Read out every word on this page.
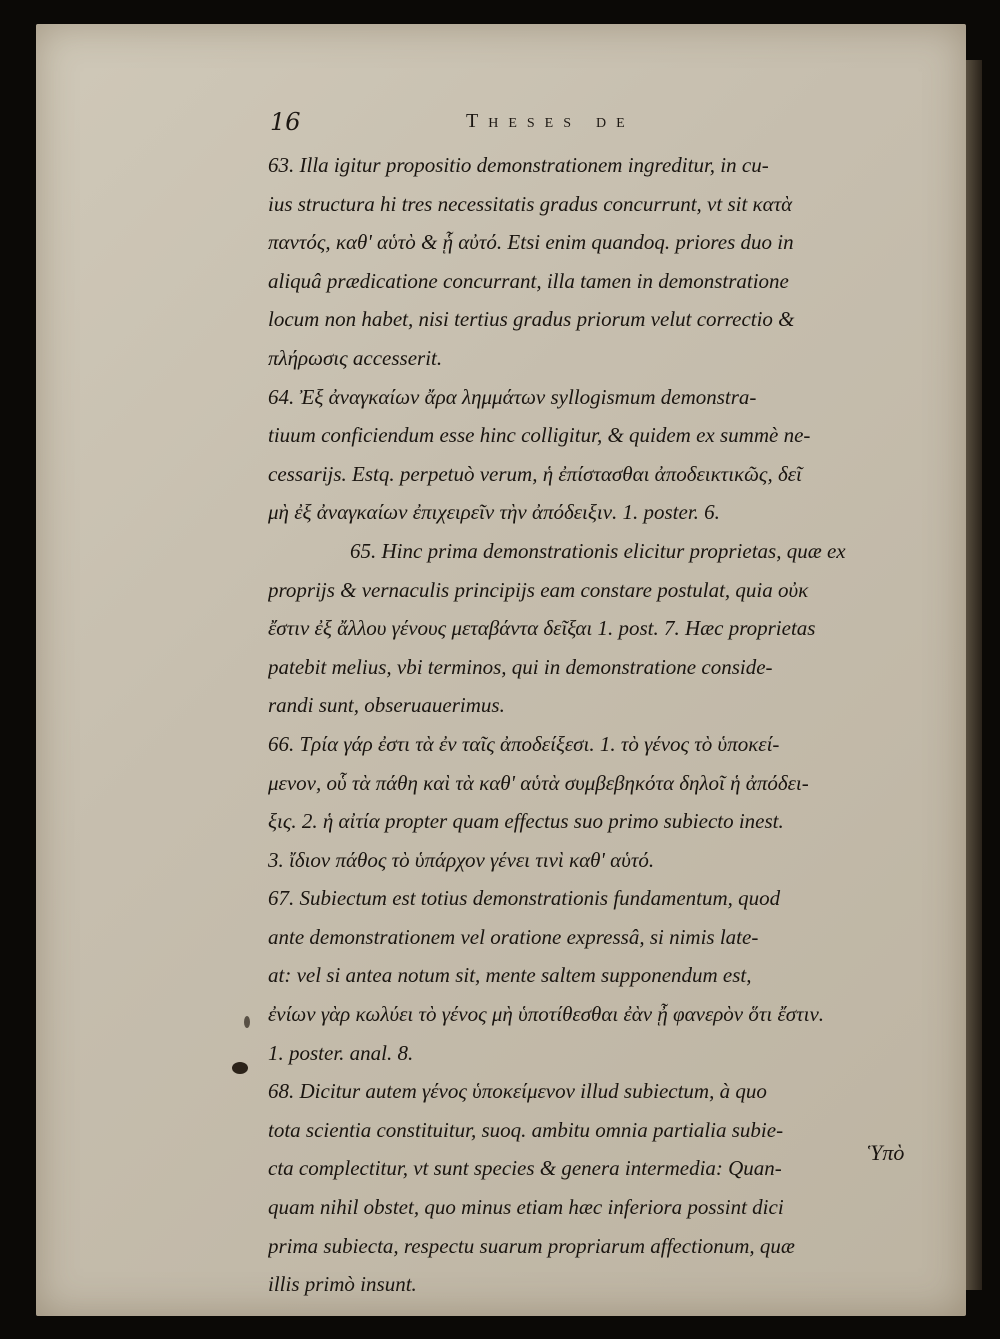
16	Theses de
63. Illa igitur propositio demonstrationem ingreditur, in cu-
ius structura hi tres necessitatis gradus concurrunt, vt sit κατὰ
παντός, καθ' αὑτὸ & ᾗ αὐτό. Etsi enim quandoq. priores duo in
aliquâ prædicatione concurrant, illa tamen in demonstratione
locum non habet, nisi tertius gradus priorum velut correctio &
πλήρωσις accesserit.
64. Ἐξ ἀναγκαίων ἄρα λημμάτων syllogismum demonstra-
tiuum conficiendum esse hinc colligitur, & quidem ex summè ne-
cessarijs. Estq. perpetuò verum, ἡ ἐπίστασθαι ἀποδεικτικῶς, δεῖ
μὴ ἐξ ἀναγκαίων ἐπιχειρεῖν τὴν ἀπόδειξιν. 1. poster. 6.
65. Hinc prima demonstrationis elicitur proprietas, quæ ex
proprijs & vernaculis principijs eam constare postulat, quia οὐκ
ἔστιν ἐξ ἄλλου γένους μεταβάντα δεῖξαι 1. post. 7. Hæc proprietas
patebit melius, vbi terminos, qui in demonstratione conside-
randi sunt, obseruauerimus.
66. Τρία γάρ ἐστι τὰ ἐν ταῖς ἀποδείξεσι. 1. τὸ γένος τὸ ὑποκεί-
μενον, οὗ τὰ πάθη καὶ τὰ καθ' αὑτὰ συμβεβηκότα δηλοῖ ἡ ἀπόδει-
ξις. 2. ἡ αἰτία propter quam effectus suo primo subiecto inest.
3. ἴδιον πάθος τὸ ὑπάρχον γένει τινὶ καθ' αὑτό.
67. Subiectum est totius demonstrationis fundamentum, quod
ante demonstrationem vel oratione expressâ, si nimis late-
at: vel si antea notum sit, mente saltem supponendum est,
ἐνίων γὰρ κωλύει τὸ γένος μὴ ὑποτίθεσθαι ἐὰν ᾖ φανερὸν ὅτι ἔστιν.
1. poster. anal. 8.
68. Dicitur autem γένος ὑποκείμενον illud subiectum, à quo
tota scientia constituitur, suoq. ambitu omnia partialia subie-
cta complectitur, vt sunt species & genera intermedia: Quan-
quam nihil obstet, quo minus etiam hæc inferiora possint dici
prima subiecta, respectu suarum propriarum affectionum, quæ
illis primò insunt.
Ὑπὸ
